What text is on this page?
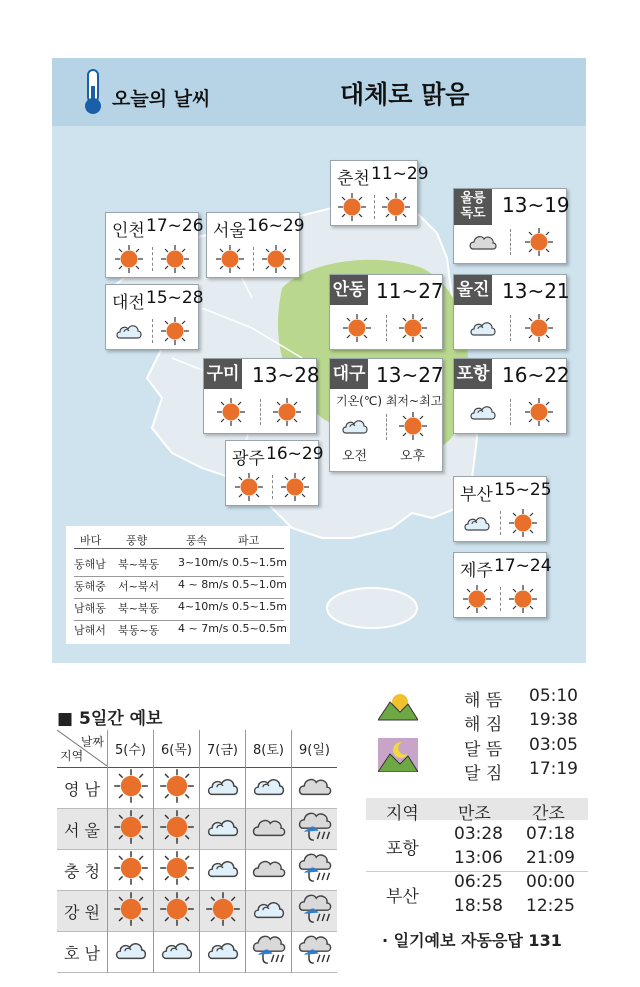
오늘의 날씨	대체로 맑음
춘천 11~29
인천 17~26 서울 16~29
대전 15~28
울릉
독도 13~19
안동 11~27 울진 13~21
구미 13~28 대구 13~27
기온(℃) 최저~최고
오전	오후
포항 16~22
광주 16~29
부산 15~25
제주 17~24
바다 풍향	풍속	파고
동해남 북~북동 3~10m/s 0.5~1.5m
동해중 서~북서 4 ~ 8m/s 0.5~1.0m
남해동 북~북동 4~10m/s 0.5~1.5m
남해서 북동~동 4 ~ 7m/s 0.5~0.5m
■ 5일간 예보
날짜
지역	5(수)	6(목)	7(금)	8(토)	9(일)
영 남					
서 울					
충 청					
강 원					
호 남					
해 뜸 05:10
해 짐 19:38
달 뜸 03:05
달 짐 17:19
지역 만조 간조
포항
03:28 07:18
13:06 21:09
부산
06:25 00:00
18:58 12:25
· 일기예보 자동응답 131
